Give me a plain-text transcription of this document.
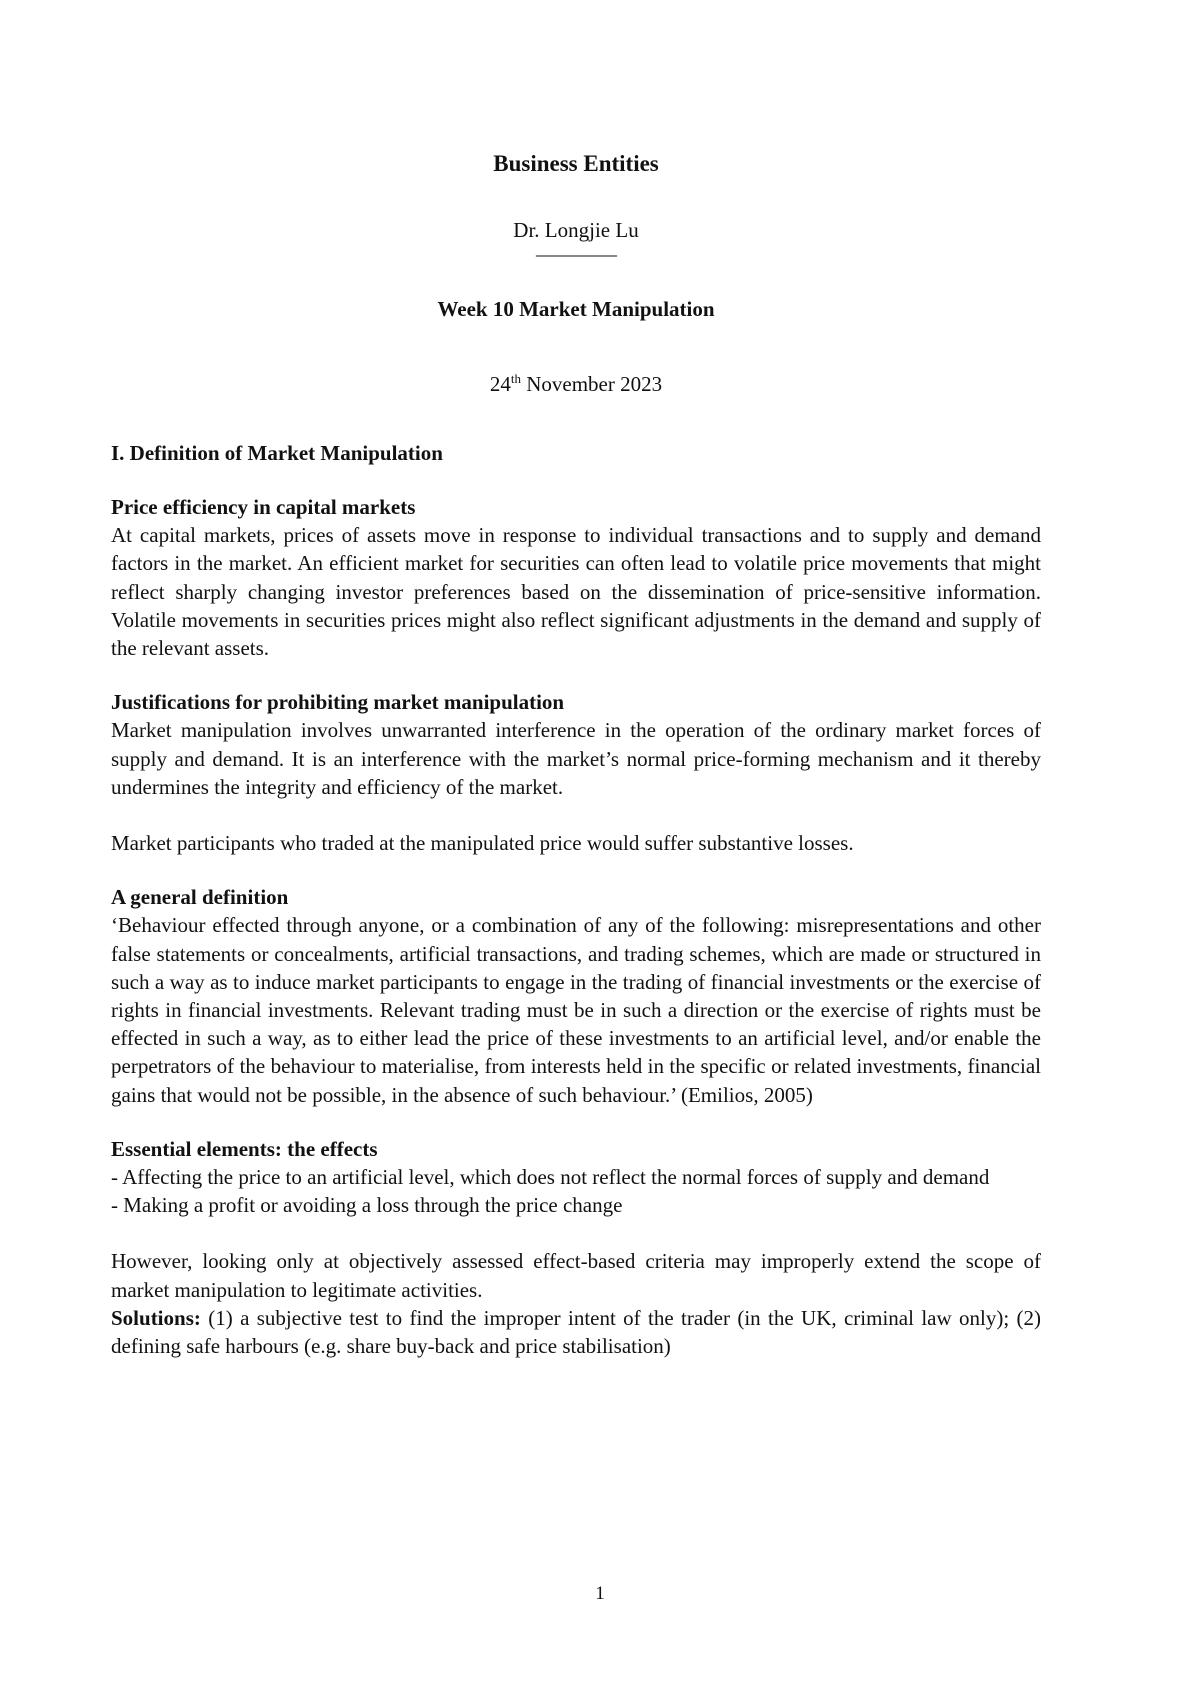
Business Entities
Dr. Longjie Lu
————
Week 10 Market Manipulation
24th November 2023
I. Definition of Market Manipulation
Price efficiency in capital markets

At capital markets, prices of assets move in response to individual transactions and to supply and demand factors in the market. An efficient market for securities can often lead to volatile price movements that might reflect sharply changing investor preferences based on the dissemination of price-sensitive information. Volatile movements in securities prices might also reflect significant adjustments in the demand and supply of the relevant assets.

Justifications for prohibiting market manipulation

Market manipulation involves unwarranted interference in the operation of the ordinary market forces of supply and demand. It is an interference with the market’s normal price-forming mechanism and it thereby undermines the integrity and efficiency of the market.

Market participants who traded at the manipulated price would suffer substantive losses.

A general definition

‘Behaviour effected through anyone, or a combination of any of the following: misrepresentations and other false statements or concealments, artificial transactions, and trading schemes, which are made or structured in such a way as to induce market participants to engage in the trading of financial investments or the exercise of rights in financial investments. Relevant trading must be in such a direction or the exercise of rights must be effected in such a way, as to either lead the price of these investments to an artificial level, and/or enable the perpetrators of the behaviour to materialise, from interests held in the specific or related investments, financial gains that would not be possible, in the absence of such behaviour.’ (Emilios, 2005)

Essential elements: the effects

- Affecting the price to an artificial level, which does not reflect the normal forces of supply and demand

- Making a profit or avoiding a loss through the price change

However, looking only at objectively assessed effect-based criteria may improperly extend the scope of market manipulation to legitimate activities.

Solutions: (1) a subjective test to find the improper intent of the trader (in the UK, criminal law only); (2) defining safe harbours (e.g. share buy-back and price stabilisation)

1
